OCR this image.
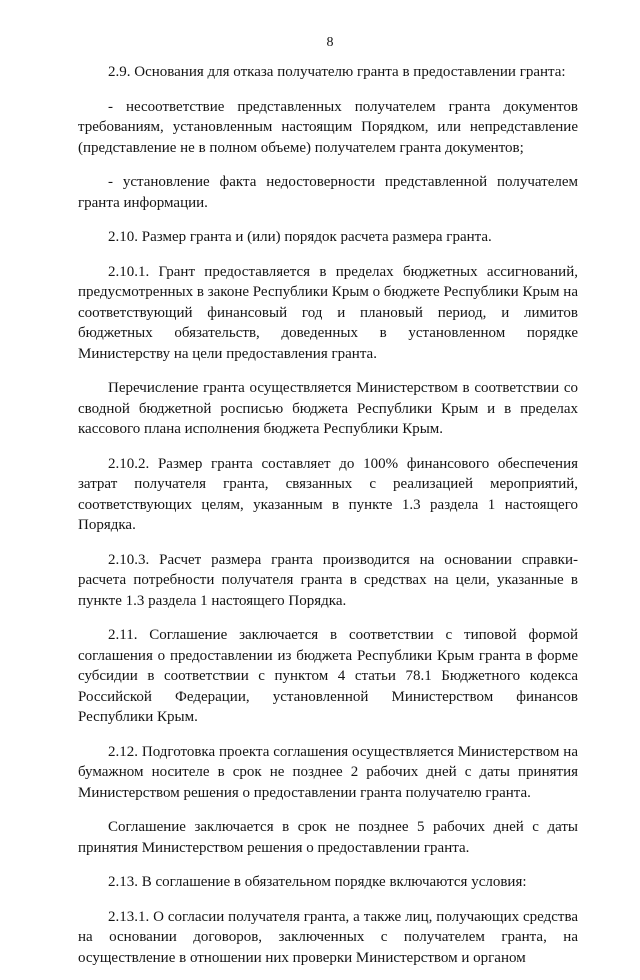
8

2.9. Основания для отказа получателю гранта в предоставлении гранта:

- несоответствие представленных получателем гранта документов требованиям, установленным настоящим Порядком, или непредставление (представление не в полном объеме) получателем гранта документов;

- установление факта недостоверности представленной получателем гранта информации.

2.10. Размер гранта и (или) порядок расчета размера гранта.

2.10.1. Грант предоставляется в пределах бюджетных ассигнований, предусмотренных в законе Республики Крым о бюджете Республики Крым на соответствующий финансовый год и плановый период, и лимитов бюджетных обязательств, доведенных в установленном порядке Министерству на цели предоставления гранта.

Перечисление гранта осуществляется Министерством в соответствии со сводной бюджетной росписью бюджета Республики Крым и в пределах кассового плана исполнения бюджета Республики Крым.

2.10.2. Размер гранта составляет до 100% финансового обеспечения затрат получателя гранта, связанных с реализацией мероприятий, соответствующих целям, указанным в пункте 1.3 раздела 1 настоящего Порядка.

2.10.3. Расчет размера гранта производится на основании справки-расчета потребности получателя гранта в средствах на цели, указанные в пункте 1.3 раздела 1 настоящего Порядка.

2.11. Соглашение заключается в соответствии с типовой формой соглашения о предоставлении из бюджета Республики Крым гранта в форме субсидии в соответствии с пунктом 4 статьи 78.1 Бюджетного кодекса Российской Федерации, установленной Министерством финансов Республики Крым.

2.12. Подготовка проекта соглашения осуществляется Министерством на бумажном носителе в срок не позднее 2 рабочих дней с даты принятия Министерством решения о предоставлении гранта получателю гранта.

Соглашение заключается в срок не позднее 5 рабочих дней с даты принятия Министерством решения о предоставлении гранта.

2.13. В соглашение в обязательном порядке включаются условия:

2.13.1. О согласии получателя гранта, а также лиц, получающих средства на основании договоров, заключенных с получателем гранта, на осуществление в отношении них проверки Министерством и органом
